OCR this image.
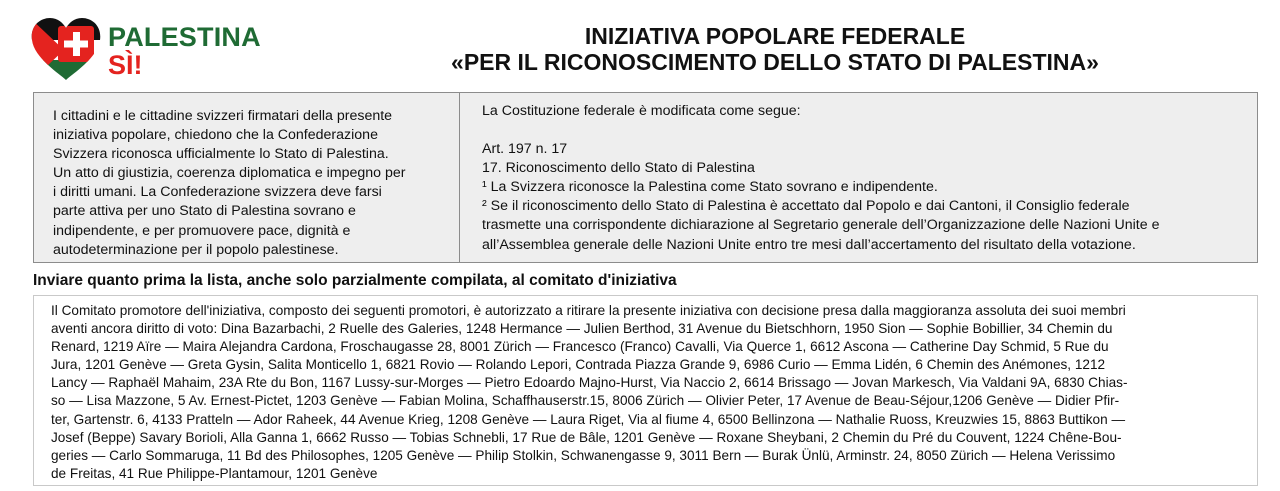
PALESTINA
SÌ!
INIZIATIVA POPOLARE FEDERALE
«PER IL RICONOSCIMENTO DELLO STATO DI PALESTINA»
I cittadini e le cittadine svizzeri firmatari della presente
iniziativa popolare, chiedono che la Confederazione
Svizzera riconosca ufficialmente lo Stato di Palestina.
Un atto di giustizia, coerenza diplomatica e impegno per
i diritti umani. La Confederazione svizzera deve farsi
parte attiva per uno Stato di Palestina sovrano e
indipendente, e per promuovere pace, dignità e
autodeterminazione per il popolo palestinese.
La Costituzione federale è modificata come segue:
Art. 197 n. 17
17. Riconoscimento dello Stato di Palestina
¹ La Svizzera riconosce la Palestina come Stato sovrano e indipendente.
² Se il riconoscimento dello Stato di Palestina è accettato dal Popolo e dai Cantoni, il Consiglio federale
trasmette una corrispondente dichiarazione al Segretario generale dell’Organizzazione delle Nazioni Unite e
all’Assemblea generale delle Nazioni Unite entro tre mesi dall’accertamento del risultato della votazione.
Inviare quanto prima la lista, anche solo parzialmente compilata, al comitato d'iniziativa
Il Comitato promotore dell'iniziativa, composto dei seguenti promotori, è autorizzato a ritirare la presente iniziativa con decisione presa dalla maggioranza assoluta dei suoi membri
aventi ancora diritto di voto: Dina Bazarbachi, 2 Ruelle des Galeries, 1248 Hermance — Julien Berthod, 31 Avenue du Bietschhorn, 1950 Sion — Sophie Bobillier, 34 Chemin du
Renard, 1219 Aïre — Maira Alejandra Cardona, Froschaugasse 28, 8001 Zürich — Francesco (Franco) Cavalli, Via Querce 1, 6612 Ascona — Catherine Day Schmid, 5 Rue du
Jura, 1201 Genève — Greta Gysin, Salita Monticello 1, 6821 Rovio — Rolando Lepori, Contrada Piazza Grande 9, 6986 Curio — Emma Lidén, 6 Chemin des Anémones, 1212
Lancy — Raphaël Mahaim, 23A Rte du Bon, 1167 Lussy-sur-Morges — Pietro Edoardo Majno-Hurst, Via Naccio 2, 6614 Brissago — Jovan Markesch, Via Valdani 9A, 6830 Chias-
so — Lisa Mazzone, 5 Av. Ernest-Pictet, 1203 Genève — Fabian Molina, Schaffhauserstr.15, 8006 Zürich — Olivier Peter, 17 Avenue de Beau-Séjour,1206 Genève — Didier Pfir-
ter, Gartenstr. 6, 4133 Pratteln — Ador Raheek, 44 Avenue Krieg, 1208 Genève — Laura Riget, Via al fiume 4, 6500 Bellinzona — Nathalie Ruoss, Kreuzwies 15, 8863 Buttikon —
Josef (Beppe) Savary Borioli, Alla Ganna 1, 6662 Russo — Tobias Schnebli, 17 Rue de Bâle, 1201 Genève — Roxane Sheybani, 2 Chemin du Pré du Couvent, 1224 Chêne-Bou-
geries — Carlo Sommaruga, 11 Bd des Philosophes, 1205 Genève — Philip Stolkin, Schwanengasse 9, 3011 Bern — Burak Ünlü, Arminstr. 24, 8050 Zürich — Helena Verissimo
de Freitas, 41 Rue Philippe-Plantamour, 1201 Genève
